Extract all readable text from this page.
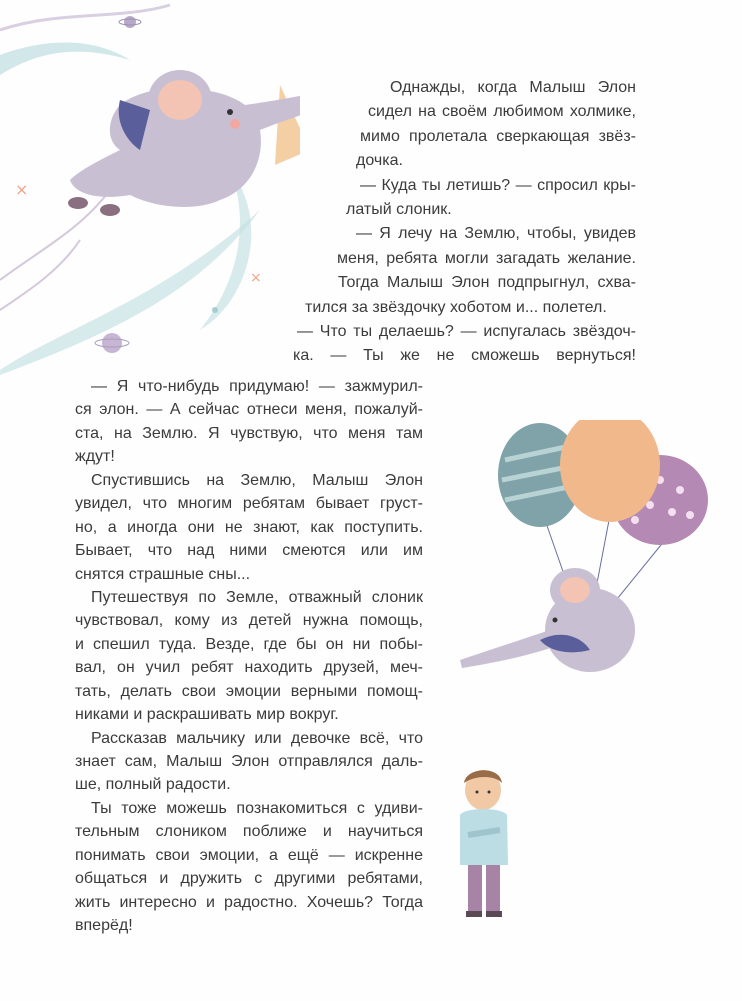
×
×
Однажды, когда Малыш Элон
сидел на своём любимом холмике,
мимо пролетала сверкающая звёз-
дочка.
— Куда ты летишь? — спросил кры-
латый слоник.
— Я лечу на Землю, чтобы, увидев
меня, ребята могли загадать желание.
Тогда Малыш Элон подпрыгнул, схва-
тился за звёздочку хоботом и... полетел.
— Что ты делаешь? — испугалась звёздоч-
ка. — Ты же не сможешь вернуться!
— Я что-нибудь придумаю! — зажмурил-
ся элон. — А сейчас отнеси меня, пожалуй-
ста, на Землю. Я чувствую, что меня там
ждут!
Спустившись на Землю, Малыш Элон
увидел, что многим ребятам бывает груст-
но, а иногда они не знают, как поступить.
Бывает, что над ними смеются или им
снятся страшные сны...
Путешествуя по Земле, отважный слоник
чувствовал, кому из детей нужна помощь,
и спешил туда. Везде, где бы он ни побы-
вал, он учил ребят находить друзей, меч-
тать, делать свои эмоции верными помощ-
никами и раскрашивать мир вокруг.
Рассказав мальчику или девочке всё, что
знает сам, Малыш Элон отправлялся даль-
ше, полный радости.
Ты тоже можешь познакомиться с удиви-
тельным слоником поближе и научиться
понимать свои эмоции, а ещё — искренне
общаться и дружить с другими ребятами,
жить интересно и радостно. Хочешь? Тогда
вперёд!
